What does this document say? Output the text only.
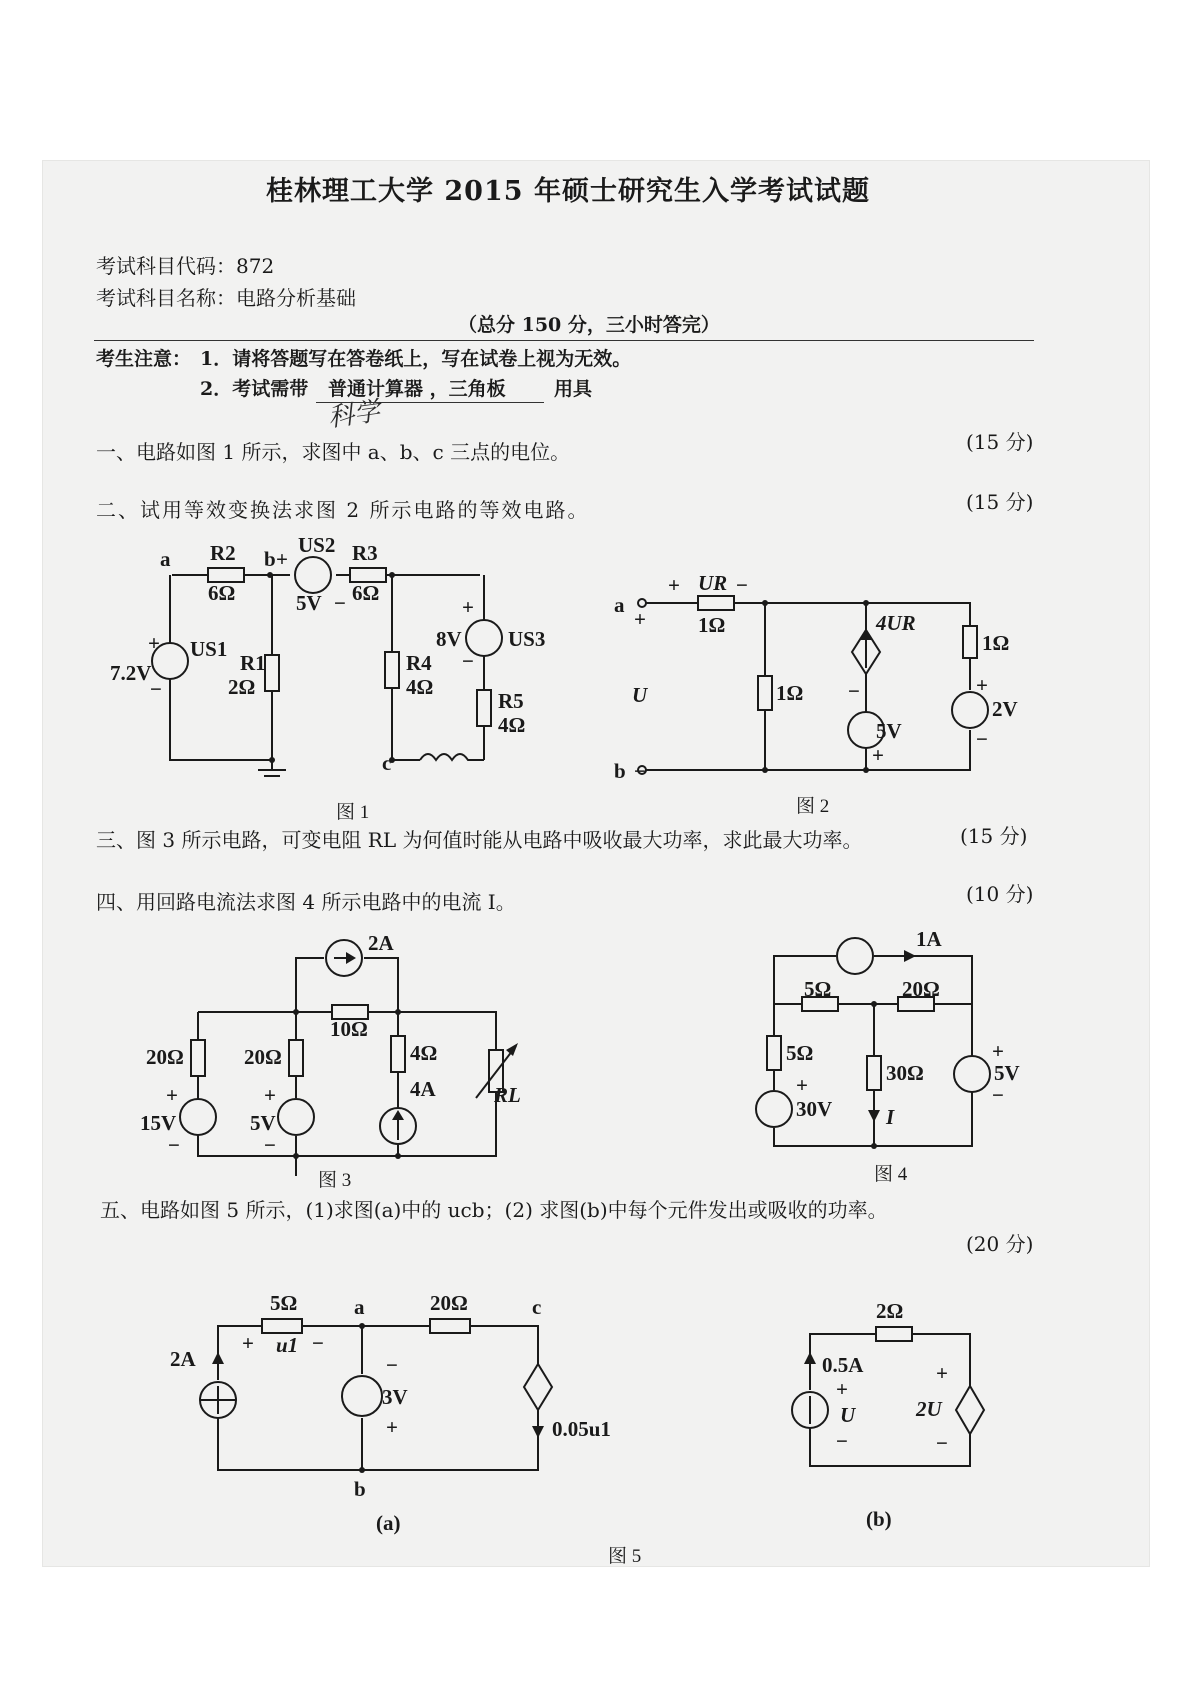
桂林理工大学 2015 年硕士研究生入学考试试题
考试科目代码：872
考试科目名称：电路分析基础
（总分 150 分，三小时答完）
考生注意： 1．请将答题写在答卷纸上，写在试卷上视为无效。
2．考试需带 普通计算器 ，三角板	用具
科学
一、电路如图 1 所示，求图中 a、b、c 三点的电位。	(15 分)
二、试用等效变换法求图 2 所示电路的等效电路。	(15 分)
三、图 3 所示电路，可变电阻 RL 为何值时能从电路中吸收最大功率，求此最大功率。	(15 分)
四、用回路电流法求图 4 所示电路中的电流 I。	(10 分)
五、电路如图 5 所示，(1)求图(a)中的 ucb；(2) 求图(b)中每个元件发出或吸收的功率。
(20 分)
a	b
c
R2
6Ω
US2
+
5V −
R3
6Ω
US1
+
7.2V
−
R1
2Ω
R4
4Ω
+
8V US3
−
R5
4Ω
图 1
a
+
b −
+ UR −
1Ω
1Ω
1Ω
4UR
−
5V
+
+
2V
−
U
图 2
2A
10Ω
20Ω	20Ω	4Ω
4A	RL
+
15V
−
+
5V
−
图 3
1A
5Ω	20Ω
5Ω
30Ω
I
+
30V
+
5V
−
图 4
5Ω	20Ω
a	c
b
+ u1 −
2A	−
3V
+	0.05u1
(a)
2Ω
0.5A
+
U
−
+
2U
−
(b)
图 5
